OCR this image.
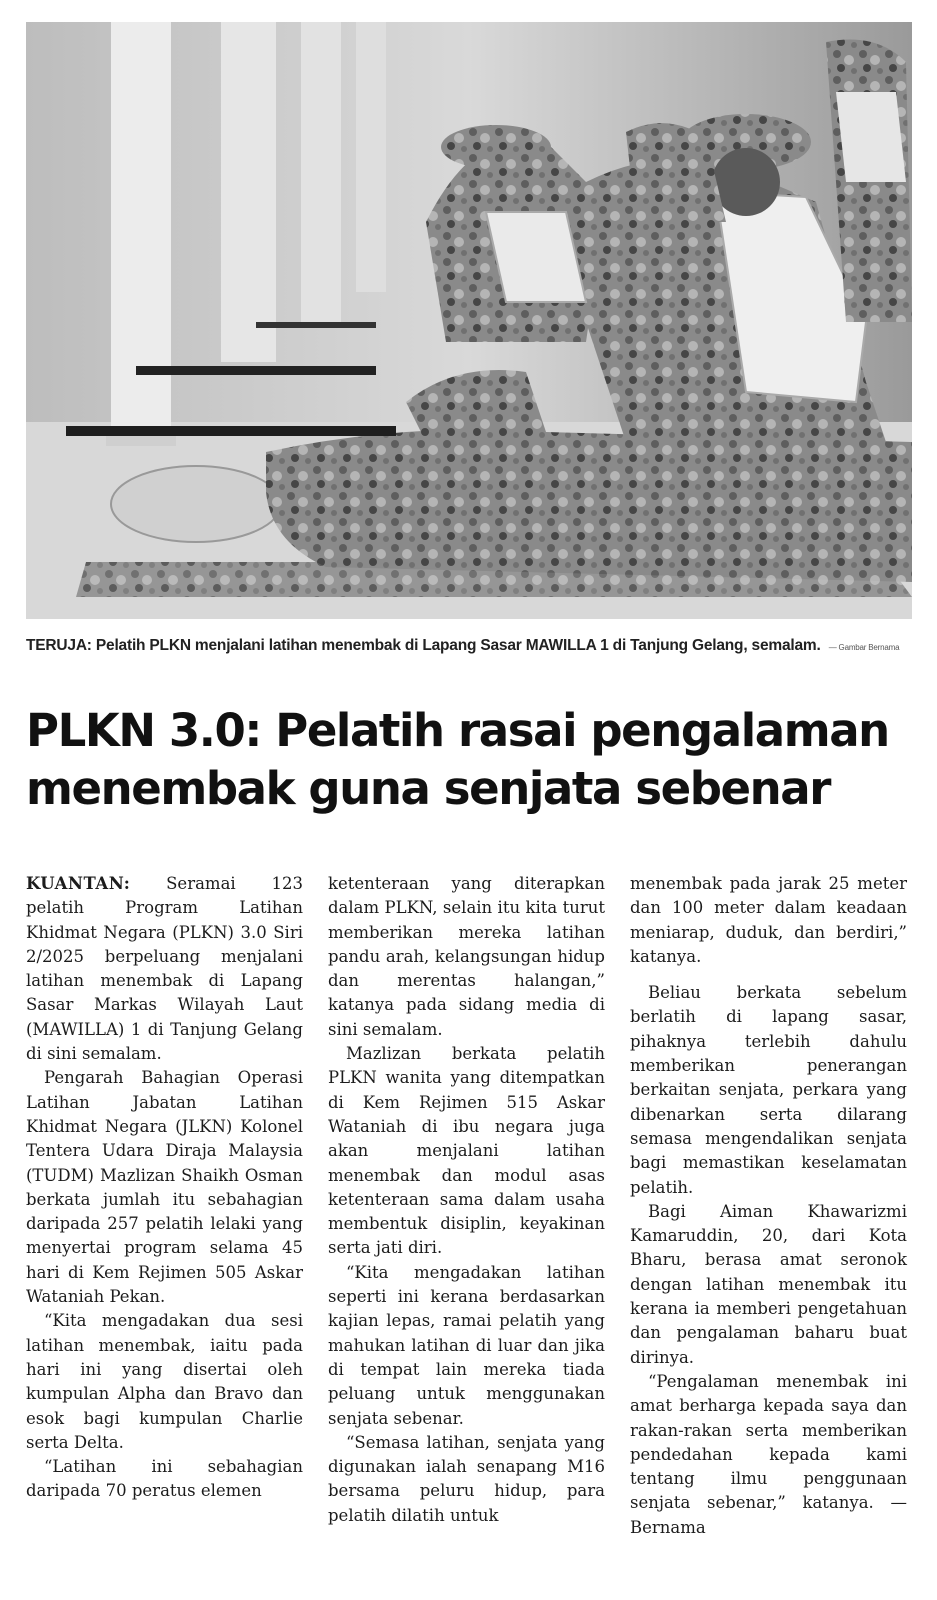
TERUJA: Pelatih PLKN menjalani latihan menembak di Lapang Sasar MAWILLA 1 di Tanjung Gelang, semalam. — Gambar Bernama
PLKN 3.0: Pelatih rasai pengalaman
menembak guna senjata sebenar

KUANTAN: Seramai 123 pelatih Program Latihan Khidmat Negara (PLKN) 3.0 Siri 2/2025 berpeluang menjalani latihan menembak di Lapang Sasar Markas Wilayah Laut (MAWILLA) 1 di Tanjung Gelang di sini semalam.

Pengarah Bahagian Operasi Latihan Jabatan Latihan Khidmat Negara (JLKN) Kolonel Tentera Udara Diraja Malaysia (TUDM) Mazlizan Shaikh Osman berkata jumlah itu sebahagian daripada 257 pelatih lelaki yang menyertai program selama 45 hari di Kem Rejimen 505 Askar Wataniah Pekan.

“Kita mengadakan dua sesi latihan menembak, iaitu pada hari ini yang disertai oleh kumpulan Alpha dan Bravo dan esok bagi kumpulan Charlie serta Delta.

“Latihan ini sebahagian daripada 70 peratus elemen

ketenteraan yang diterapkan dalam PLKN, selain itu kita turut memberikan mereka latihan pandu arah, kelangsungan hidup dan merentas halangan,” katanya pada sidang media di sini semalam.

Mazlizan berkata pelatih PLKN wanita yang ditempatkan di Kem Rejimen 515 Askar Wataniah di ibu negara juga akan menjalani latihan menembak dan modul asas ketenteraan sama dalam usaha membentuk disiplin, keyakinan serta jati diri.

“Kita mengadakan latihan seperti ini kerana berdasarkan kajian lepas, ramai pelatih yang mahukan latihan di luar dan jika di tempat lain mereka tiada peluang untuk menggunakan senjata sebenar.

“Semasa latihan, senjata yang digunakan ialah senapang M16 bersama peluru hidup, para pelatih dilatih untuk

menembak pada jarak 25 meter dan 100 meter dalam keadaan meniarap, duduk, dan berdiri,” katanya.

Beliau berkata sebelum berlatih di lapang sasar, pihaknya terlebih dahulu memberikan penerangan berkaitan senjata, perkara yang dibenarkan serta dilarang semasa mengendalikan senjata bagi memastikan keselamatan pelatih.

Bagi Aiman Khawarizmi Kamaruddin, 20, dari Kota Bharu, berasa amat seronok dengan latihan menembak itu kerana ia memberi pengetahuan dan pengalaman baharu buat dirinya.

“Pengalaman menembak ini amat berharga kepada saya dan rakan-rakan serta memberikan pendedahan kepada kami tentang ilmu penggunaan senjata sebenar,” katanya. — Bernama
